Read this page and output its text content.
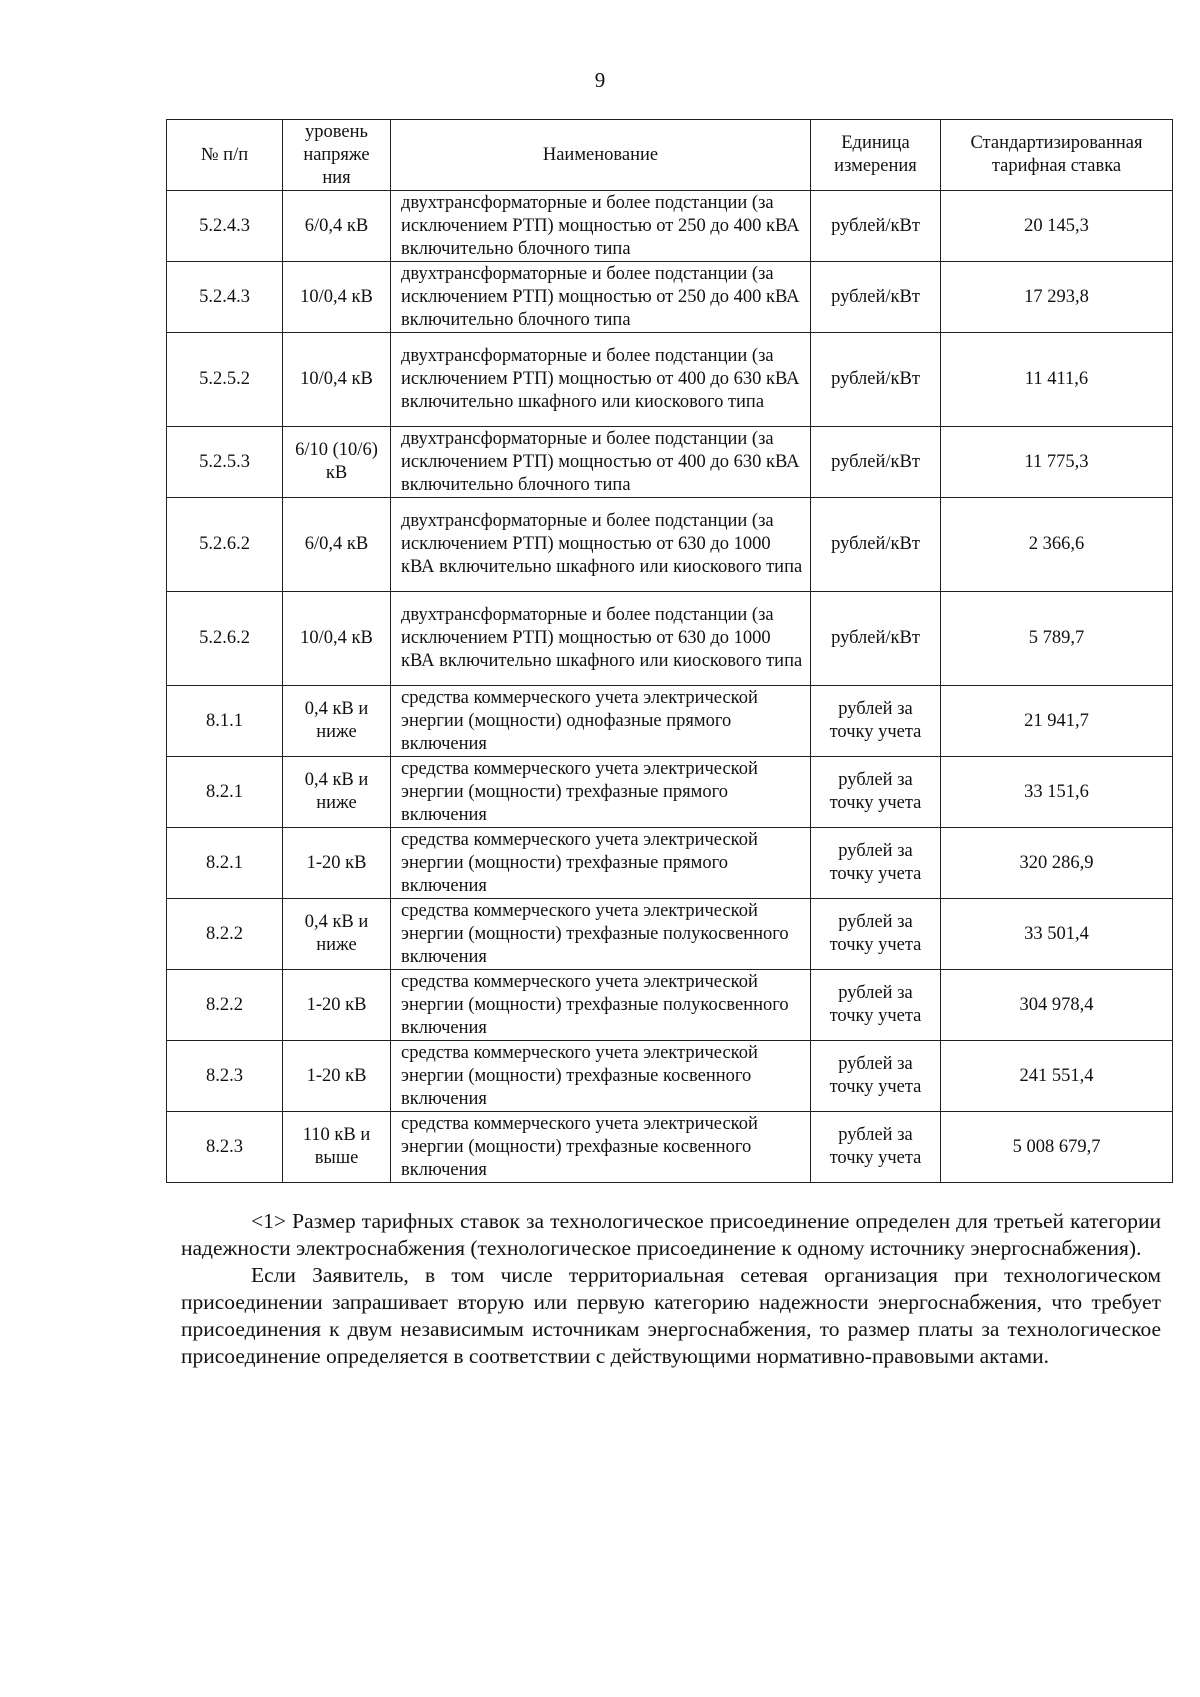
9
№ п/п	уровень напряже ния	Наименование	Единица измерения	Стандартизированная тарифная ставка
5.2.4.3	6/0,4 кВ	двухтрансформаторные и более подстанции (за исключением РТП) мощностью от 250 до 400 кВА включительно блочного типа	рублей/кВт	20 145,3
5.2.4.3	10/0,4 кВ	двухтрансформаторные и более подстанции (за исключением РТП) мощностью от 250 до 400 кВА включительно блочного типа	рублей/кВт	17 293,8
5.2.5.2	10/0,4 кВ	двухтрансформаторные и более подстанции (за исключением РТП) мощностью от 400 до 630 кВА включительно шкафного или киоскового типа	рублей/кВт	11 411,6
5.2.5.3	6/10 (10/6) кВ	двухтрансформаторные и более подстанции (за исключением РТП) мощностью от 400 до 630 кВА включительно блочного типа	рублей/кВт	11 775,3
5.2.6.2	6/0,4 кВ	двухтрансформаторные и более подстанции (за исключением РТП) мощностью от 630 до 1000 кВА включительно шкафного или киоскового типа	рублей/кВт	2 366,6
5.2.6.2	10/0,4 кВ	двухтрансформаторные и более подстанции (за исключением РТП) мощностью от 630 до 1000 кВА включительно шкафного или киоскового типа	рублей/кВт	5 789,7
8.1.1	0,4 кВ и ниже	средства коммерческого учета электрической энергии (мощности) однофазные прямого включения	рублей за точку учета	21 941,7
8.2.1	0,4 кВ и ниже	средства коммерческого учета электрической энергии (мощности) трехфазные прямого включения	рублей за точку учета	33 151,6
8.2.1	1-20 кВ	средства коммерческого учета электрической энергии (мощности) трехфазные прямого включения	рублей за точку учета	320 286,9
8.2.2	0,4 кВ и ниже	средства коммерческого учета электрической энергии (мощности) трехфазные полукосвенного включения	рублей за точку учета	33 501,4
8.2.2	1-20 кВ	средства коммерческого учета электрической энергии (мощности) трехфазные полукосвенного включения	рублей за точку учета	304 978,4
8.2.3	1-20 кВ	средства коммерческого учета электрической энергии (мощности) трехфазные косвенного включения	рублей за точку учета	241 551,4
8.2.3	110 кВ и выше	средства коммерческого учета электрической энергии (мощности) трехфазные косвенного включения	рублей за точку учета	5 008 679,7

<1> Размер тарифных ставок за технологическое присоединение определен для третьей категории надежности электроснабжения (технологическое присоединение к одному источнику энергоснабжения).

Если Заявитель, в том числе территориальная сетевая организация при технологическом присоединении запрашивает вторую или первую категорию надежности энергоснабжения, что требует присоединения к двум независимым источникам энергоснабжения, то размер платы за технологическое присоединение определяется в соответствии с действующими нормативно-правовыми актами.
